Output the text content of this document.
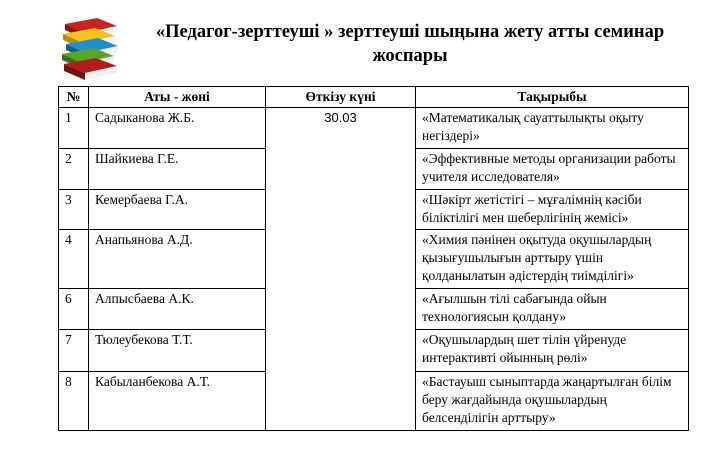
«Педагог-зерттеуші » зерттеуші шыңына жету атты семинар жоспары
№	Аты - жөні	Өткізу күні	Тақырыбы
1	Садыканова Ж.Б.	30.03	«Математикалық сауаттылықты оқыту негіздері»
2	Шайкиева Г.Е.		«Эффективные методы организации работы учителя исследователя»
3	Кемербаева Г.А.		«Шәкірт жетістігі – мұғалімнің кәсіби біліктілігі мен шеберлігінің жемісі»
4	Анапьянова А.Д.		«Химия пәнінен оқытуда оқушылардың қызығушылығын арттыру үшін қолданылатын әдістердің тиімділігі»
6	Алпысбаева А.К.		«Ағылшын тілі сабағында ойын технологиясын қолдану»
7	Тюлеубекова Т.Т.		«Оқушылардың шет тілін үйренуде интерактивті ойынның рөлі»
8	Кабыланбекова А.Т.		«Бастауыш сыныптарда жаңартылған білім беру жағдайында оқушылардың белсенділігін арттыру»
